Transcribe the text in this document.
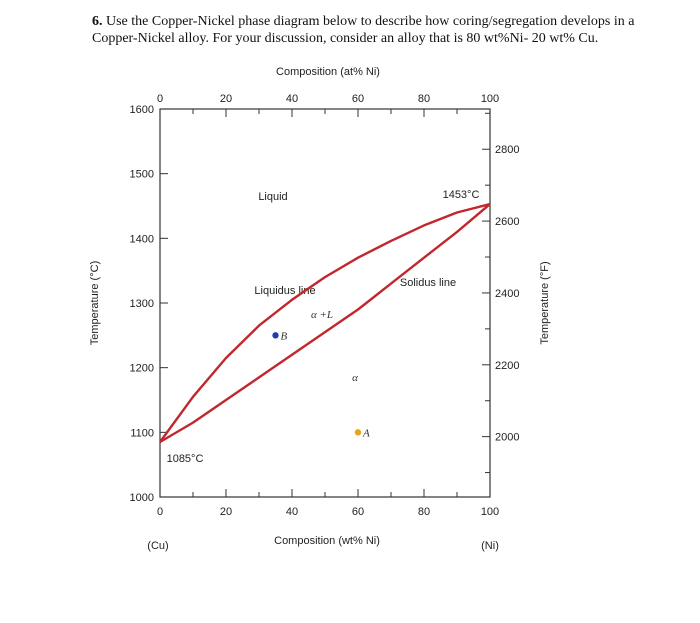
6. Use the Copper-Nickel phase diagram below to describe how coring/segregation develops in a Copper-Nickel alloy. For your discussion, consider an alloy that is 80 wt%Ni- 20 wt% Cu.
Composition (at% Ni)
Composition (wt% Ni)
Temperature (°C)	Temperature (°F)
(Cu)	(Ni)
1085°C
1453°C
Liquid
Liquidus line
Solidus line
α +L
α
0	20	40	60	80	100
0	20	40	60	80	100
1000
1100
1200
1300
1400
1500
1600
2000
2200
2400
2600
2800
B
A
